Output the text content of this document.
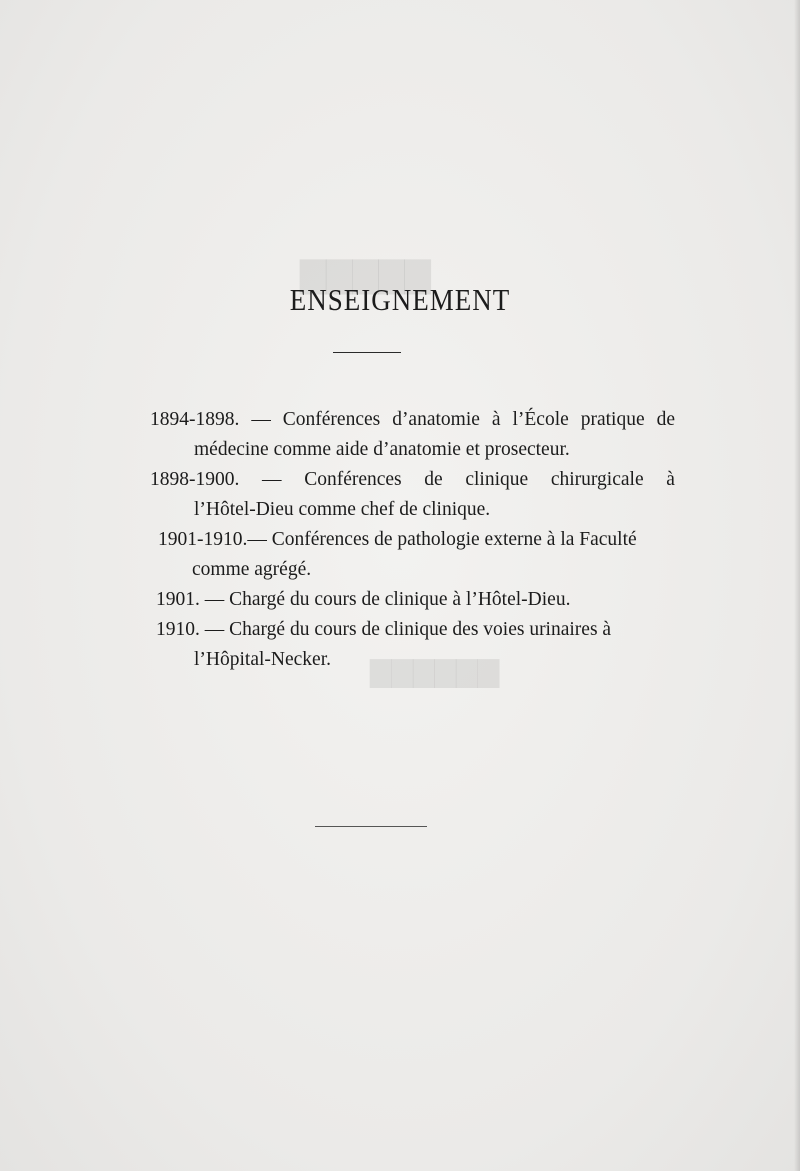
▇▇▇▇▇
▇▇▇▇▇▇
ENSEIGNEMENT
1894-1898. — Conférences d’anatomie à l’École pratique de
médecine comme aide d’anatomie et prosecteur.
1898-1900. — Conférences de clinique chirurgicale à
l’Hôtel-Dieu comme chef de clinique.
1901-1910.— Conférences de pathologie externe à la Faculté
comme agrégé.
1901. — Chargé du cours de clinique à l’Hôtel-Dieu.
1910. — Chargé du cours de clinique des voies urinaires à
l’Hôpital-Necker.
